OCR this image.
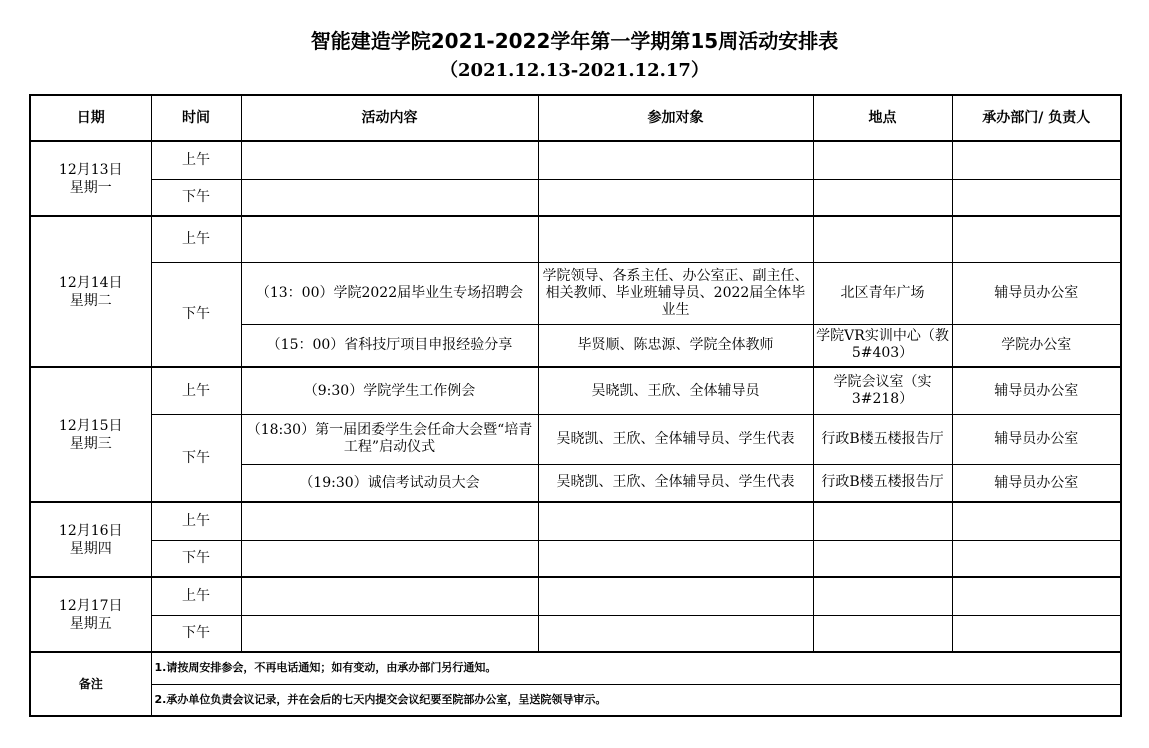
智能建造学院2021-2022学年第一学期第15周活动安排表
（2021.12.13-2021.12.17）
日期	时间	活动内容	参加对象	地点	承办部门/ 负责人

12月13日
星期一	上午				
	下午				

12月14日
星期二	上午				
	下午	（13：00）学院2022届毕业生专场招聘会	学院领导、各系主任、办公室正、副主任、相关教师、毕业班辅导员、2022届全体毕业生	北区青年广场	辅导员办公室
		（15：00）省科技厅项目申报经验分享	毕贤顺、陈忠源、学院全体教师	学院VR实训中心（教5#403）	学院办公室

12月15日
星期三	上午	（9:30）学院学生工作例会	吴晓凯、王欣、全体辅导员	学院会议室（实3#218）	辅导员办公室
	下午	（18:30）第一届团委学生会任命大会暨“培青工程”启动仪式	吴晓凯、王欣、全体辅导员、学生代表	行政B楼五楼报告厅	辅导员办公室
		（19:30）诚信考试动员大会	吴晓凯、王欣、全体辅导员、学生代表	行政B楼五楼报告厅	辅导员办公室

12月16日
星期四	上午				
	下午				

12月17日
星期五	上午				
	下午				
备注	1.请按周安排参会，不再电话通知；如有变动，由承办部门另行通知。				
	2.承办单位负责会议记录，并在会后的七天内提交会议纪要至院部办公室，呈送院领导审示。				
